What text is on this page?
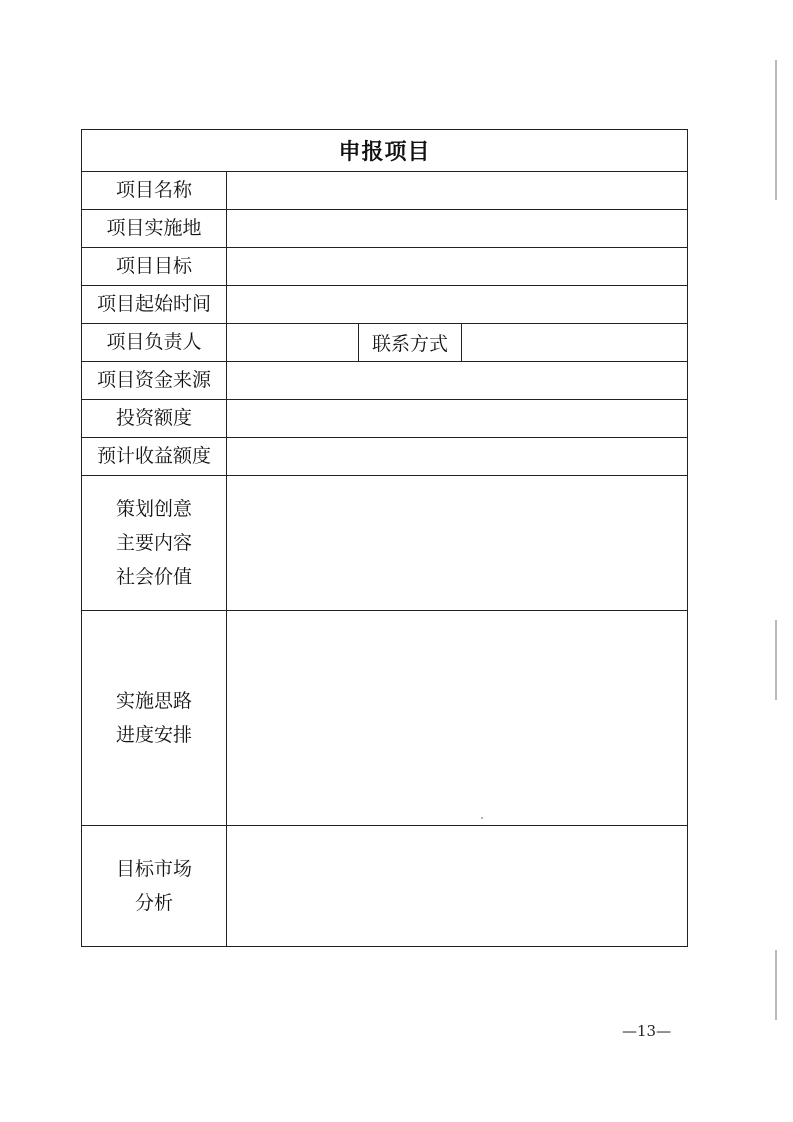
申报项目			
项目名称			
项目实施地			
项目目标			
项目起始时间			
项目负责人		联系方式	
项目资金来源			
投资额度			
预计收益额度			

策划创意
主要内容
社会价值			

实施思路
进度安排			

目标市场
分析			

—13—
